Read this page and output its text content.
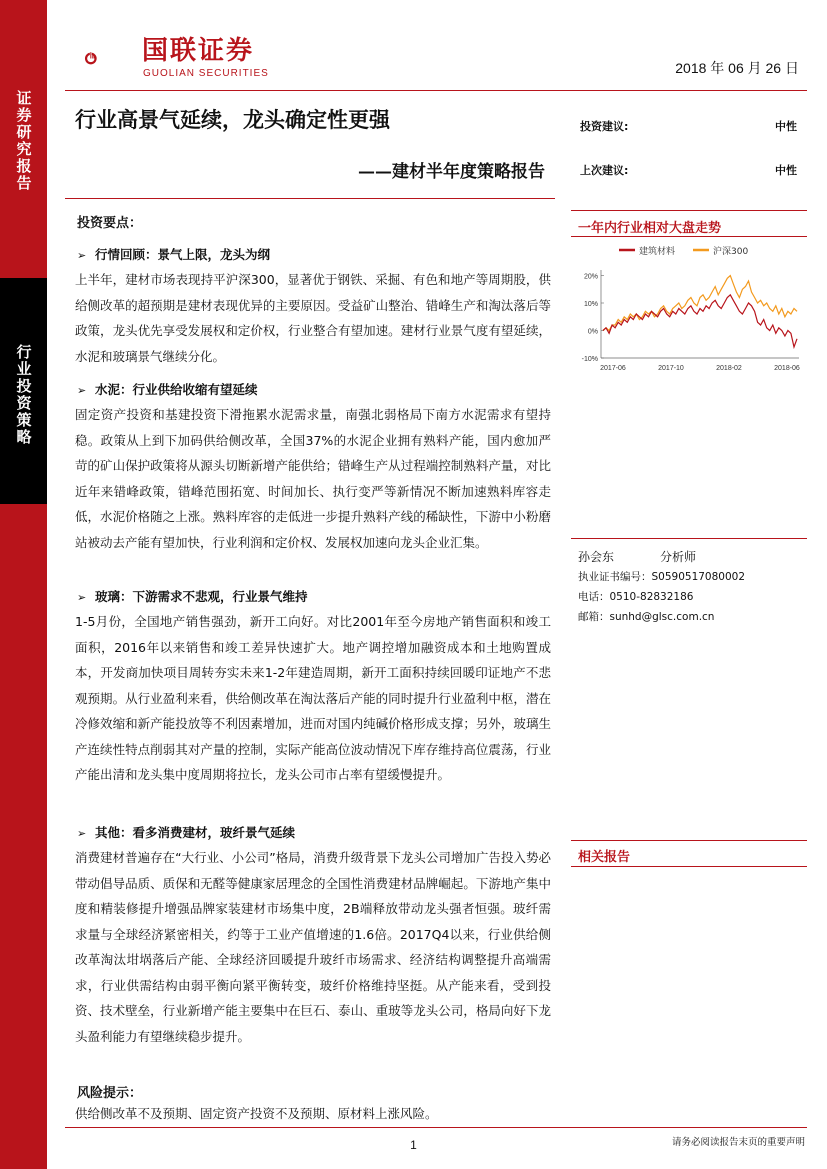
证券研究报告
行业投资策略
国联证券
GUOLIAN SECURITIES	2018 年 06 月 26 日
行业高景气延续，龙头确定性更强
——建材半年度策略报告
投资建议:	中性
上次建议:	中性
投资要点：
➢ 行情回顾：景气上限，龙头为纲
上半年，建材市场表现持平沪深300，显著优于钢铁、采掘、有色和地产等周期股，供给侧改革的超预期是建材表现优异的主要原因。受益矿山整治、错峰生产和淘汰落后等政策，龙头优先享受发展权和定价权，行业整合有望加速。建材行业景气度有望延续，水泥和玻璃景气继续分化。
➢ 水泥：行业供给收缩有望延续
固定资产投资和基建投资下滑拖累水泥需求量，南强北弱格局下南方水泥需求有望持稳。政策从上到下加码供给侧改革，全国37%的水泥企业拥有熟料产能，国内愈加严苛的矿山保护政策将从源头切断新增产能供给；错峰生产从过程端控制熟料产量，对比近年来错峰政策，错峰范围拓宽、时间加长、执行变严等新情况不断加速熟料库容走低，水泥价格随之上涨。熟料库容的走低进一步提升熟料产线的稀缺性，下游中小粉磨站被动去产能有望加快，行业利润和定价权、发展权加速向龙头企业汇集。
➢ 玻璃：下游需求不悲观，行业景气维持
1-5月份，全国地产销售强劲，新开工向好。对比2001年至今房地产销售面积和竣工面积，2016年以来销售和竣工差异快速扩大。地产调控增加融资成本和土地购置成本，开发商加快项目周转夯实未来1-2年建造周期，新开工面积持续回暖印证地产不悲观预期。从行业盈利来看，供给侧改革在淘汰落后产能的同时提升行业盈利中枢，潜在冷修效缩和新产能投放等不利因素增加，进而对国内纯碱价格形成支撑；另外，玻璃生产连续性特点削弱其对产量的控制，实际产能高位波动情况下库存维持高位震荡，行业产能出清和龙头集中度周期将拉长，龙头公司市占率有望缓慢提升。
➢ 其他：看多消费建材，玻纤景气延续
消费建材普遍存在“大行业、小公司”格局，消费升级背景下龙头公司增加广告投入势必带动倡导品质、质保和无醛等健康家居理念的全国性消费建材品牌崛起。下游地产集中度和精装修提升增强品牌家装建材市场集中度，2B端释放带动龙头强者恒强。玻纤需求量与全球经济紧密相关，约等于工业产值增速的1.6倍。2017Q4以来，行业供给侧改革淘汰坩埚落后产能、全球经济回暖提升玻纤市场需求、经济结构调整提升高端需求，行业供需结构由弱平衡向紧平衡转变，玻纤价格维持坚挺。从产能来看，受到投资、技术壁垒，行业新增产能主要集中在巨石、泰山、重玻等龙头公司，格局向好下龙头盈利能力有望继续稳步提升。
风险提示：
供给侧改革不及预期、固定资产投资不及预期、原材料上涨风险。
一年内行业相对大盘走势
建筑材料	沪深300
20%
10%
0%
-10%
2017-06	2017-10	2018-02	2018-06
孙会东	分析师
执业证书编号：S0590517080002
电话：0510-82832186
邮箱：sunhd@glsc.com.cn
相关报告
1	请务必阅读报告末页的重要声明
